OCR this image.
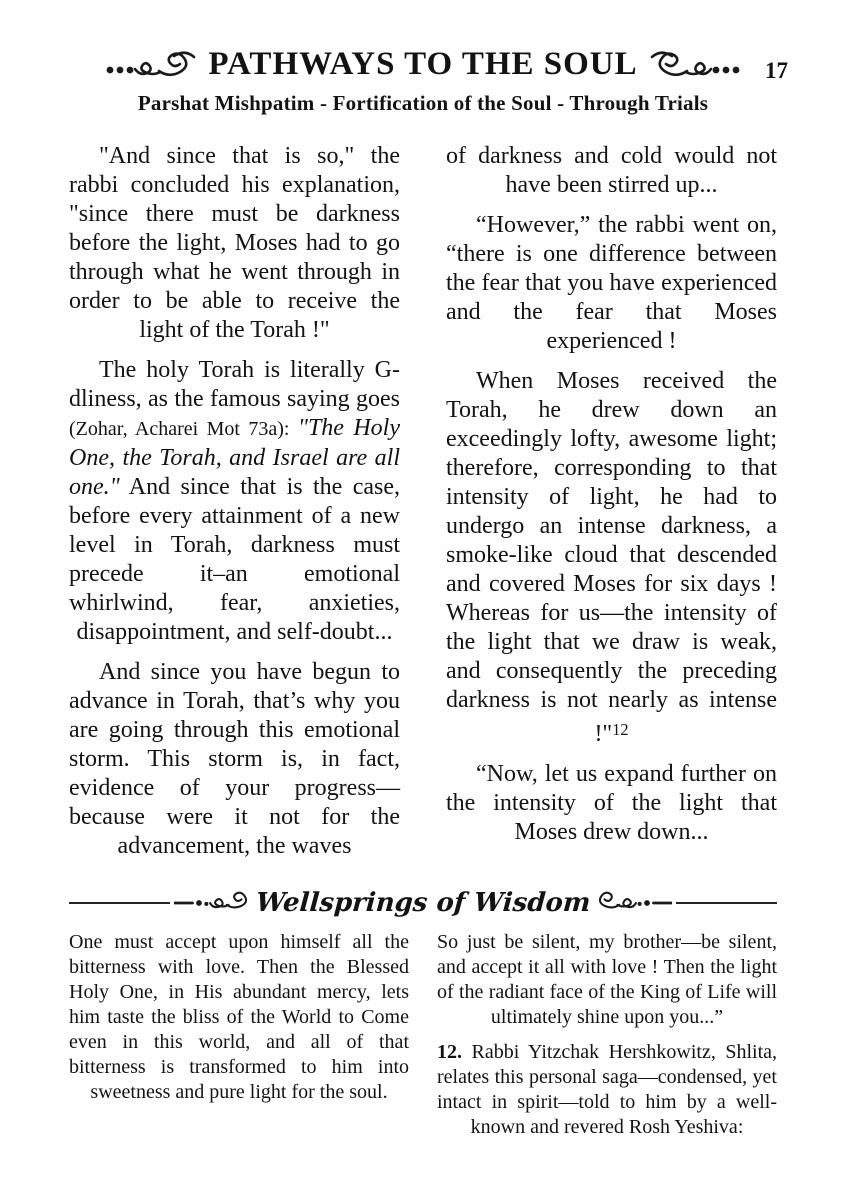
PATHWAYS TO THE SOUL	17
Parshat Mishpatim - Fortification of the Soul - Through Trials

"And since that is so," the rabbi concluded his explanation, "since there must be darkness before the light, Moses had to go through what he went through in order to be able to receive the light of the Torah !"

The holy Torah is literally G-dliness, as the famous saying goes (Zohar, Acharei Mot 73a): "The Holy One, the Torah, and Israel are all one." And since that is the case, before every attainment of a new level in Torah, darkness must precede it–an emotional whirlwind, fear, anxieties, disappointment, and self-doubt...

And since you have begun to advance in Torah, that’s why you are going through this emotional storm. This storm is, in fact, evidence of your progress—because were it not for the advancement, the waves

of darkness and cold would not have been stirred up...

“However,” the rabbi went on, “there is one difference between the fear that you have experienced and the fear that Moses experienced !

When Moses received the Torah, he drew down an exceedingly lofty, awesome light; therefore, corresponding to that intensity of light, he had to undergo an intense darkness, a smoke-like cloud that descended and covered Moses for six days ! Whereas for us—the intensity of the light that we draw is weak, and consequently the preceding darkness is not nearly as intense !"$^{12}$

“Now, let us expand further on the intensity of the light that Moses drew down...

Wellsprings of Wisdom

One must accept upon himself all the bitterness with love. Then the Blessed Holy One, in His abundant mercy, lets him taste the bliss of the World to Come even in this world, and all of that bitterness is transformed to him into sweetness and pure light for the soul.

So just be silent, my brother—be silent, and accept it all with love ! Then the light of the radiant face of the King of Life will ultimately shine upon you...”

12. Rabbi Yitzchak Hershkowitz, Shlita, relates this personal saga—condensed, yet intact in spirit—told to him by a well-known and revered Rosh Yeshiva:
